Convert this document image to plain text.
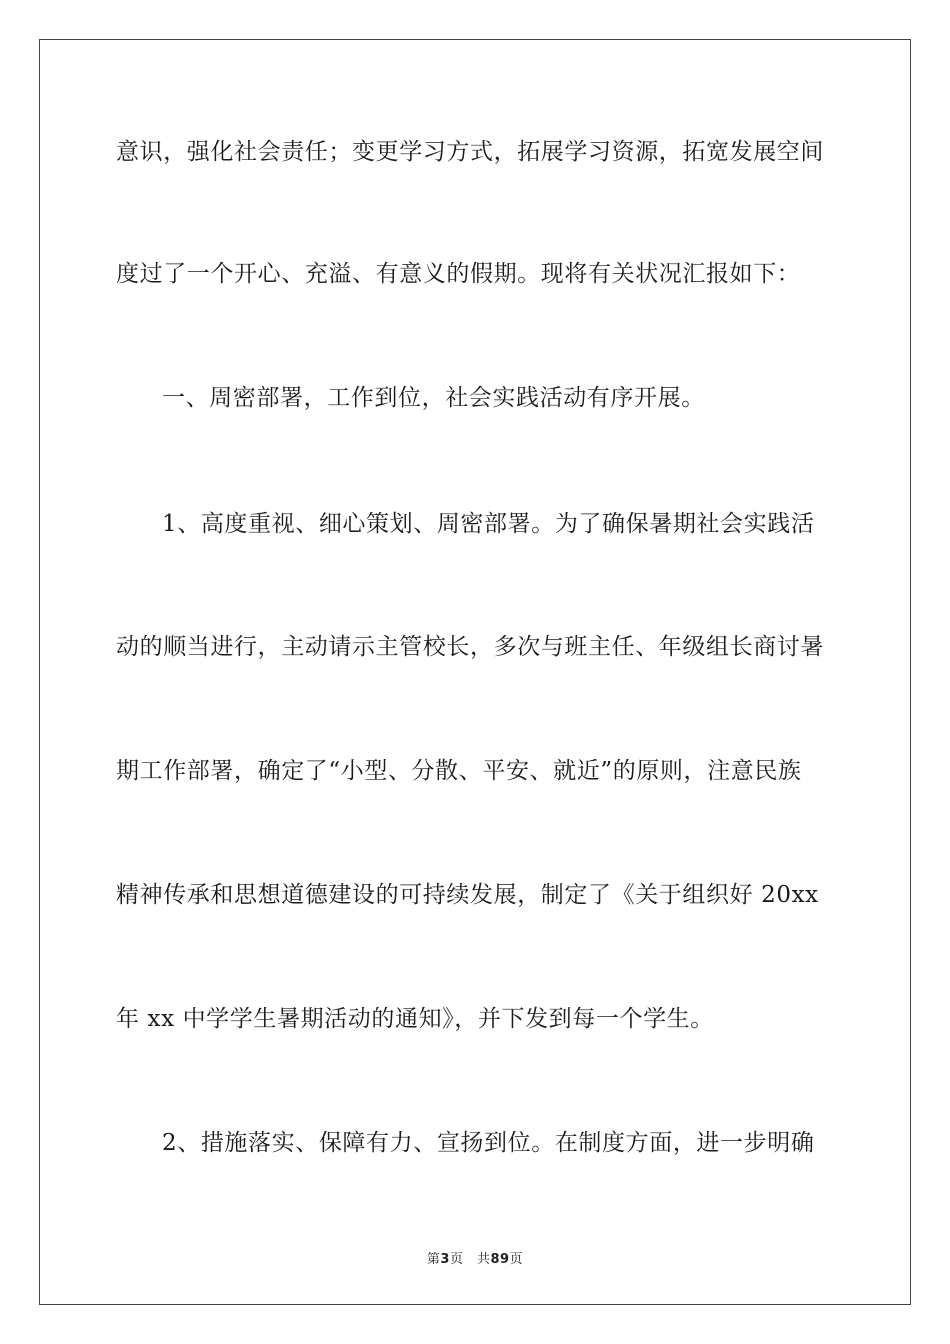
意识，强化社会责任；变更学习方式，拓展学习资源，拓宽发展空间
度过了一个开心、充溢、有意义的假期。现将有关状况汇报如下：
一、周密部署，工作到位，社会实践活动有序开展。
1、高度重视、细心策划、周密部署。为了确保暑期社会实践活
动的顺当进行，主动请示主管校长，多次与班主任、年级组长商讨暑
期工作部署，确定了“小型、分散、平安、就近”的原则，注意民族
精神传承和思想道德建设的可持续发展，制定了《关于组织好 20xx
年 xx 中学学生暑期活动的通知》，并下发到每一个学生。
2、措施落实、保障有力、宣扬到位。在制度方面，进一步明确
第3页　共89页
